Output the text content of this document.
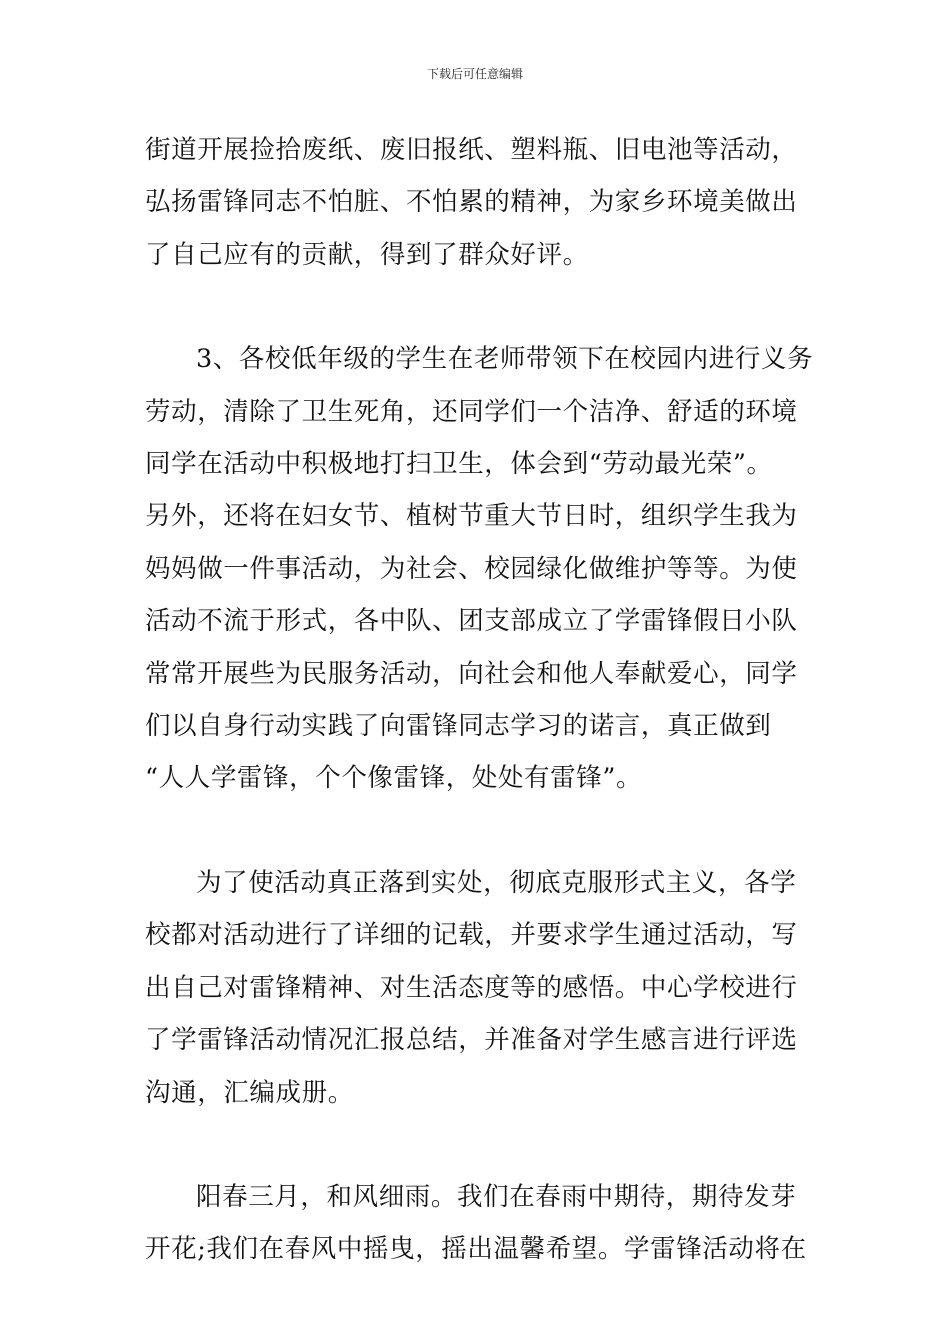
下载后可任意编辑
街道开展捡拾废纸、废旧报纸、塑料瓶、旧电池等活动，
弘扬雷锋同志不怕脏、不怕累的精神，为家乡环境美做出
了自己应有的贡献，得到了群众好评。
3、各校低年级的学生在老师带领下在校园内进行义务
劳动，清除了卫生死角，还同学们一个洁净、舒适的环境
同学在活动中积极地打扫卫生，体会到“劳动最光荣”。
另外，还将在妇女节、植树节重大节日时，组织学生我为
妈妈做一件事活动，为社会、校园绿化做维护等等。为使
活动不流于形式，各中队、团支部成立了学雷锋假日小队
常常开展些为民服务活动，向社会和他人奉献爱心，同学
们以自身行动实践了向雷锋同志学习的诺言，真正做到
“人人学雷锋，个个像雷锋，处处有雷锋”。
为了使活动真正落到实处，彻底克服形式主义，各学
校都对活动进行了详细的记载，并要求学生通过活动，写
出自己对雷锋精神、对生活态度等的感悟。中心学校进行
了学雷锋活动情况汇报总结，并准备对学生感言进行评选
沟通，汇编成册。
阳春三月，和风细雨。我们在春雨中期待，期待发芽
开花;我们在春风中摇曳，摇出温馨希望。学雷锋活动将在
